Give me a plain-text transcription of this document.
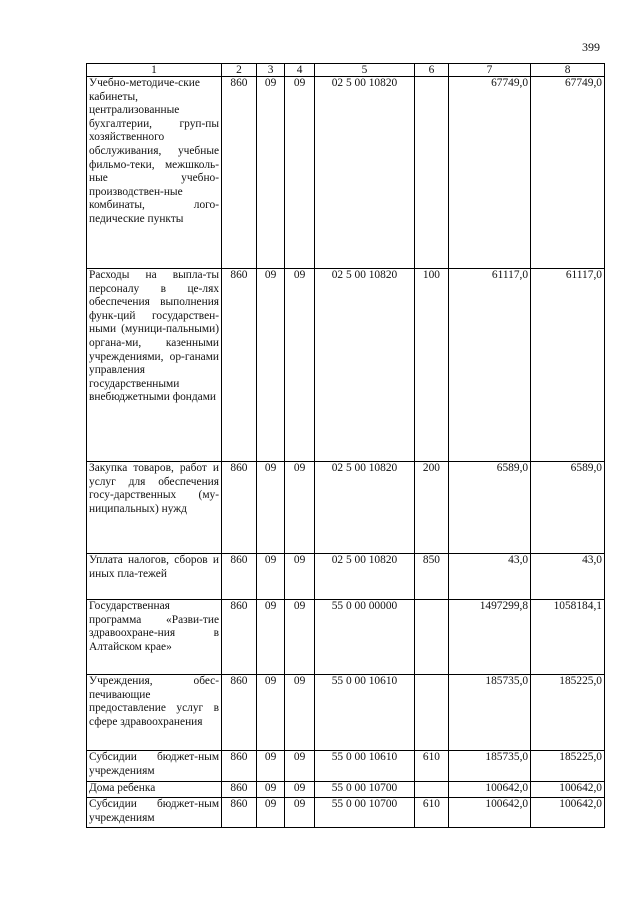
399
1	2	3	4	5	6	7	8
Учебно-методиче-ские кабинеты, централизованные бухгалтерии, груп-пы хозяйственного обслуживания, учебные фильмо-теки, межшколь-ные учебно-производствен-ные комбинаты, лого-педические пункты	860	09	09	02 5 00 10820		67749,0	67749,0
Расходы на выпла-ты персоналу в це-лях обеспечения выполнения функ-ций государствен-ными (муници-пальными) органа-ми, казенными учреждениями, ор-ганами управления государственными внебюджетными фондами	860	09	09	02 5 00 10820	100	61117,0	61117,0
Закупка товаров, работ и услуг для обеспечения госу-дарственных (му-ниципальных) нужд	860	09	09	02 5 00 10820	200	6589,0	6589,0
Уплата налогов, сборов и иных пла-тежей	860	09	09	02 5 00 10820	850	43,0	43,0
Государственная программа «Разви-тие здравоохране-ния в Алтайском крае»	860	09	09	55 0 00 00000		1497299,8	1058184,1
Учреждения, обес-печивающие предоставление услуг в сфере здравоохранения	860	09	09	55 0 00 10610		185735,0	185225,0
Субсидии бюджет-ным учреждениям	860	09	09	55 0 00 10610	610	185735,0	185225,0
Дома ребенка	860	09	09	55 0 00 10700		100642,0	100642,0
Субсидии бюджет-ным учреждениям	860	09	09	55 0 00 10700	610	100642,0	100642,0
